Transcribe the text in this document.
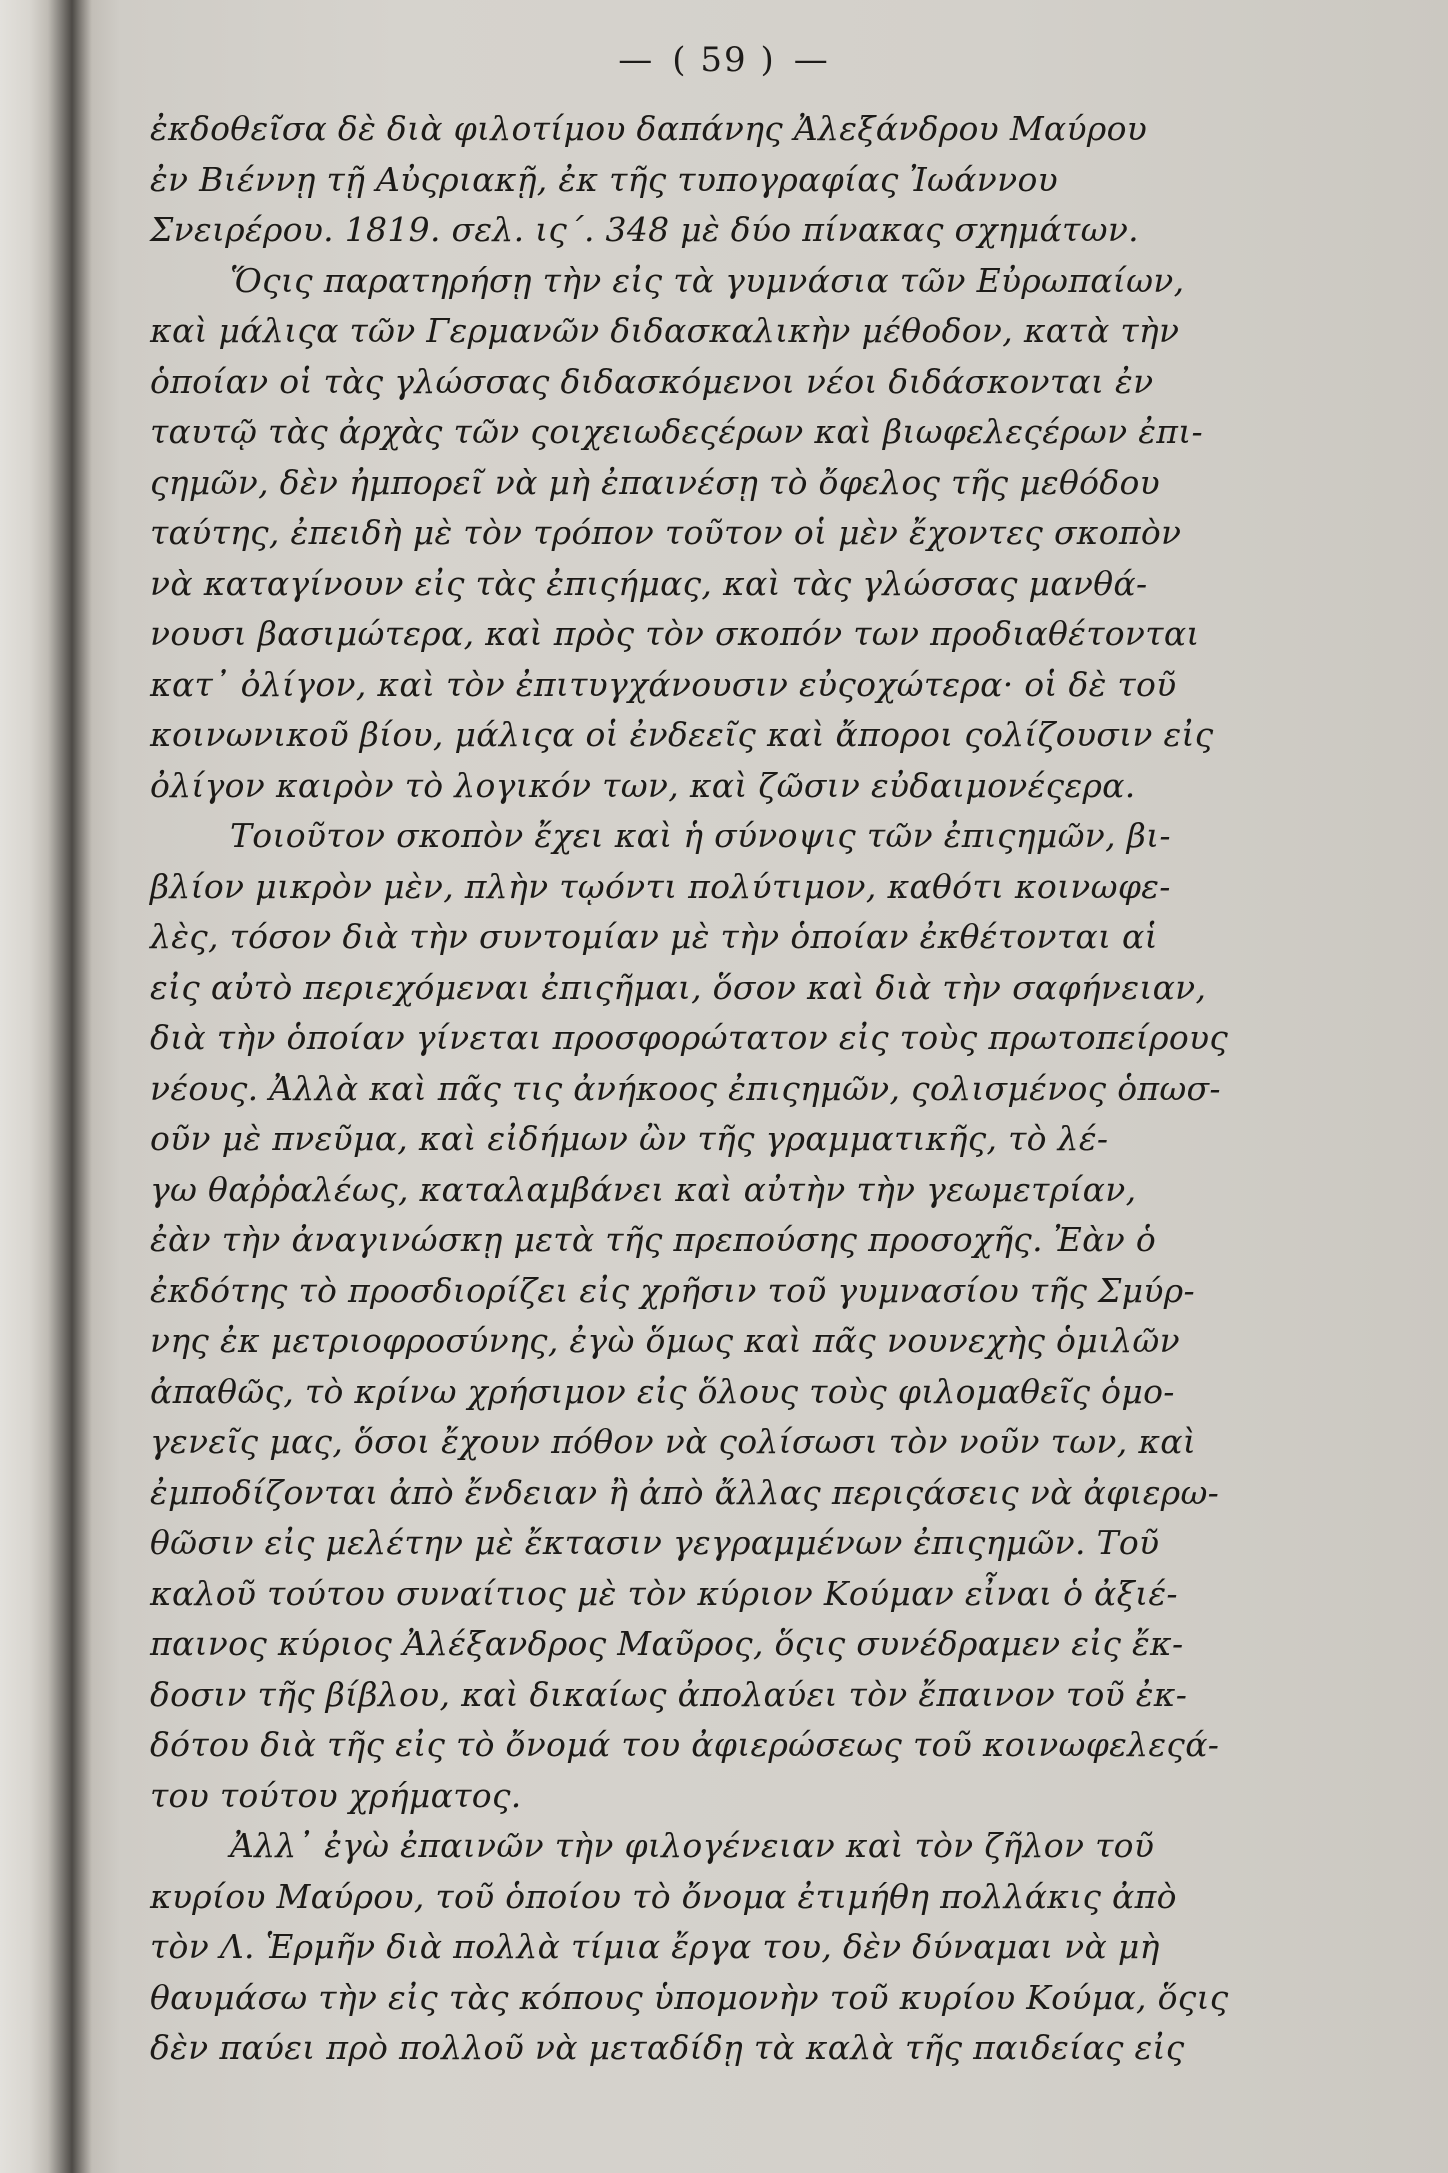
— ( 59 ) —
ἐκδοθεῖσα δὲ διὰ φιλοτίμου δαπάνης Ἀλεξάνδρου Μαύρου
ἐν Βιέννῃ τῇ Αὐςριακῇ, ἐκ τῆς τυπογραφίας Ἰωάννου
Σνειρέρου. 1819. σελ. ις΄. 348 μὲ δύο πίνακας σχημάτων.
Ὅςις παρατηρήσῃ τὴν εἰς τὰ γυμνάσια τῶν Εὐρωπαίων,
καὶ μάλιςα τῶν Γερμανῶν διδασκαλικὴν μέθοδον, κατὰ τὴν
ὁποίαν οἱ τὰς γλώσσας διδασκόμενοι νέοι διδάσκονται ἐν
ταυτῷ τὰς ἀρχὰς τῶν ςοιχειωδεςέρων καὶ βιωφελεςέρων ἐπι-
ςημῶν, δὲν ἠμπορεῖ νὰ μὴ ἐπαινέσῃ τὸ ὄφελος τῆς μεθόδου
ταύτης, ἐπειδὴ μὲ τὸν τρόπον τοῦτον οἱ μὲν ἔχοντες σκοπὸν
νὰ καταγίνουν εἰς τὰς ἐπιςήμας, καὶ τὰς γλώσσας μανθά-
νουσι βασιμώτερα, καὶ πρὸς τὸν σκοπόν των προδιαθέτονται
κατ᾽ ὀλίγον, καὶ τὸν ἐπιτυγχάνουσιν εὐςοχώτερα· οἱ δὲ τοῦ
κοινωνικοῦ βίου, μάλιςα οἱ ἐνδεεῖς καὶ ἄποροι ςολίζουσιν εἰς
ὀλίγον καιρὸν τὸ λογικόν των, καὶ ζῶσιν εὐδαιμονέςερα.
Τοιοῦτον σκοπὸν ἔχει καὶ ἡ σύνοψις τῶν ἐπιςημῶν, βι-
βλίον μικρὸν μὲν, πλὴν τῳόντι πολύτιμον, καθότι κοινωφε-
λὲς, τόσον διὰ τὴν συντομίαν μὲ τὴν ὁποίαν ἐκθέτονται αἱ
εἰς αὐτὸ περιεχόμεναι ἐπιςῆμαι, ὅσον καὶ διὰ τὴν σαφήνειαν,
διὰ τὴν ὁποίαν γίνεται προσφορώτατον εἰς τοὺς πρωτοπείρους
νέους. Ἀλλὰ καὶ πᾶς τις ἀνήκοος ἐπιςημῶν, ςολισμένος ὁπωσ-
οῦν μὲ πνεῦμα, καὶ εἰδήμων ὢν τῆς γραμματικῆς, τὸ λέ-
γω θαῤῥαλέως, καταλαμβάνει καὶ αὐτὴν τὴν γεωμετρίαν,
ἐὰν τὴν ἀναγινώσκῃ μετὰ τῆς πρεπούσης προσοχῆς. Ἐὰν ὁ
ἐκδότης τὸ προσδιορίζει εἰς χρῆσιν τοῦ γυμνασίου τῆς Σμύρ-
νης ἐκ μετριοφροσύνης, ἐγὼ ὅμως καὶ πᾶς νουνεχὴς ὁμιλῶν
ἀπαθῶς, τὸ κρίνω χρήσιμον εἰς ὅλους τοὺς φιλομαθεῖς ὁμο-
γενεῖς μας, ὅσοι ἔχουν πόθον νὰ ςολίσωσι τὸν νοῦν των, καὶ
ἐμποδίζονται ἀπὸ ἔνδειαν ἢ ἀπὸ ἄλλας περιςάσεις νὰ ἀφιερω-
θῶσιν εἰς μελέτην μὲ ἔκτασιν γεγραμμένων ἐπιςημῶν. Τοῦ
καλοῦ τούτου συναίτιος μὲ τὸν κύριον Κούμαν εἶναι ὁ ἀξιέ-
παινος κύριος Ἀλέξανδρος Μαῦρος, ὅςις συνέδραμεν εἰς ἔκ-
δοσιν τῆς βίβλου, καὶ δικαίως ἀπολαύει τὸν ἔπαινον τοῦ ἐκ-
δότου διὰ τῆς εἰς τὸ ὄνομά του ἀφιερώσεως τοῦ κοινωφελεςά-
του τούτου χρήματος.
Ἀλλ᾽ ἐγὼ ἐπαινῶν τὴν φιλογένειαν καὶ τὸν ζῆλον τοῦ
κυρίου Μαύρου, τοῦ ὁποίου τὸ ὄνομα ἐτιμήθη πολλάκις ἀπὸ
τὸν Λ. Ἑρμῆν διὰ πολλὰ τίμια ἔργα του, δὲν δύναμαι νὰ μὴ
θαυμάσω τὴν εἰς τὰς κόπους ὑπομονὴν τοῦ κυρίου Κούμα, ὅςις
δὲν παύει πρὸ πολλοῦ νὰ μεταδίδῃ τὰ καλὰ τῆς παιδείας εἰς
